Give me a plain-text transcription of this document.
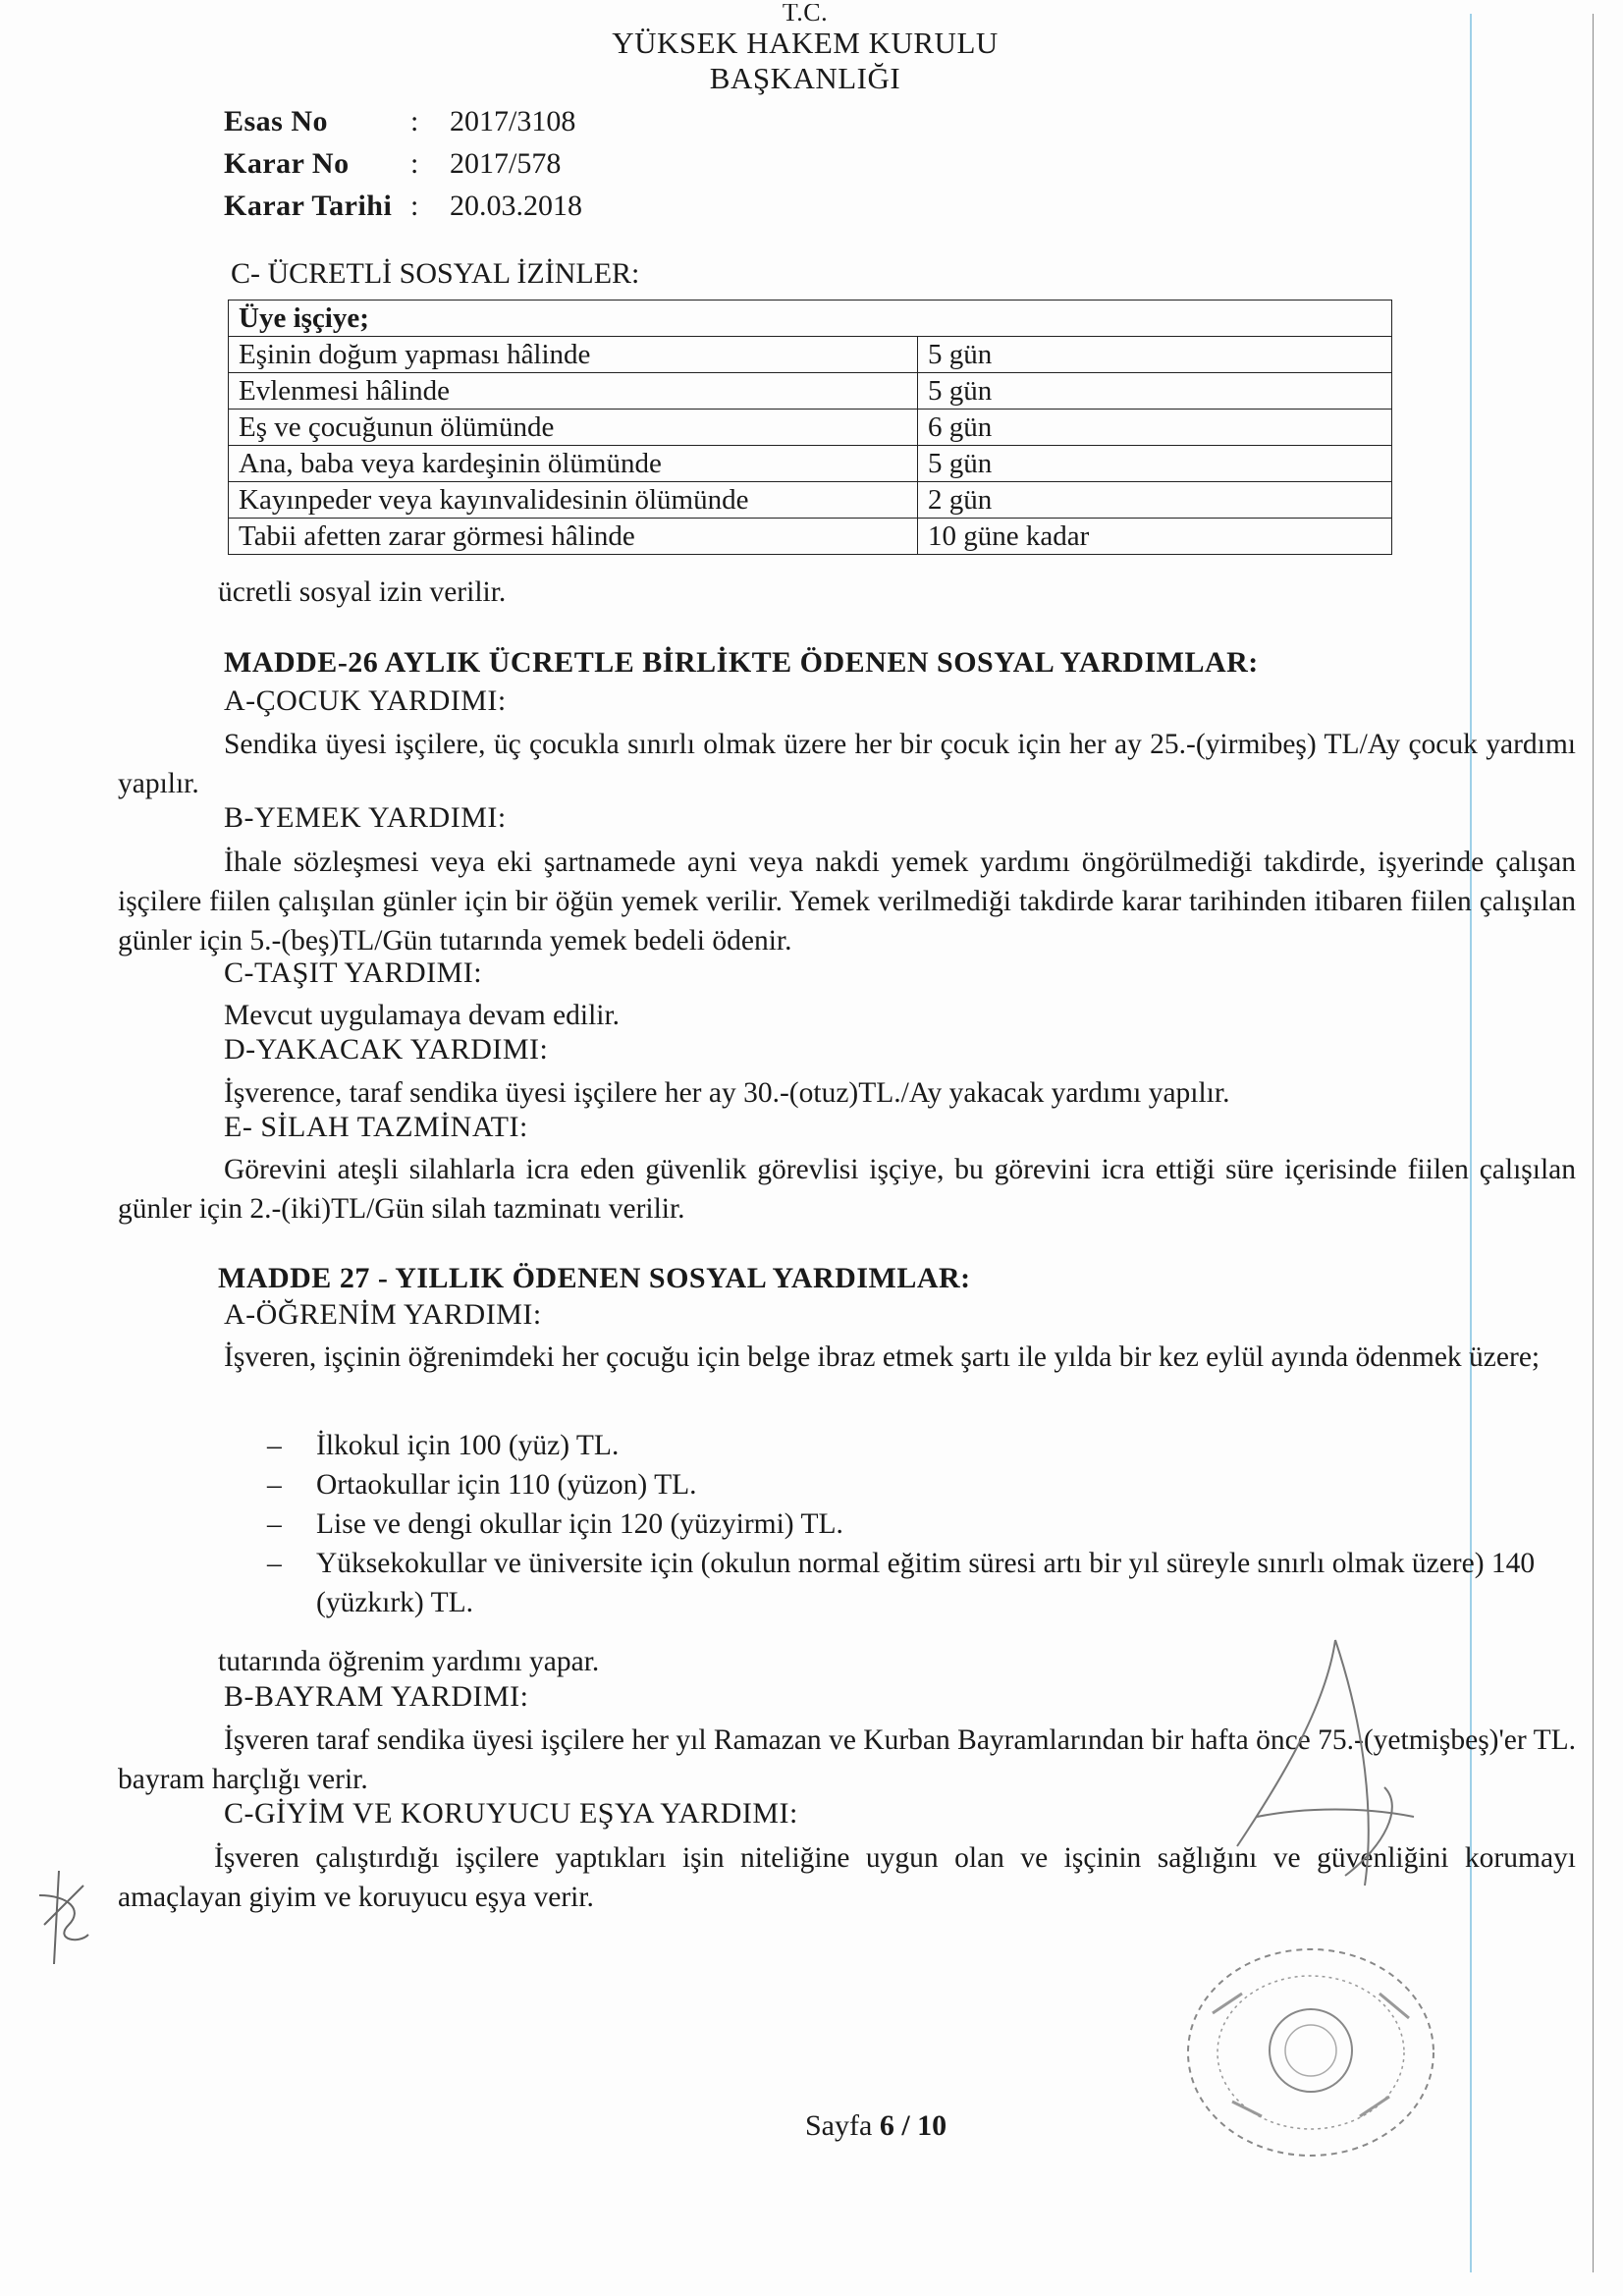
T.C.
YÜKSEK HAKEM KURULU
BAŞKANLIĞI
Esas No	:	2017/3108
Karar No	:	2017/578
Karar Tarihi :	20.03.2018
C- ÜCRETLİ SOSYAL İZİNLER:
Üye işçiye;	
Eşinin doğum yapması hâlinde	5 gün
Evlenmesi hâlinde	5 gün
Eş ve çocuğunun ölümünde	6 gün
Ana, baba veya kardeşinin ölümünde	5 gün
Kayınpeder veya kayınvalidesinin ölümünde	2 gün
Tabii afetten zarar görmesi hâlinde	10 güne kadar
ücretli sosyal izin verilir.
MADDE-26 AYLIK ÜCRETLE BİRLİKTE ÖDENEN SOSYAL YARDIMLAR:
A-ÇOCUK YARDIMI:
Sendika üyesi işçilere, üç çocukla sınırlı olmak üzere her bir çocuk için her ay 25.-(yirmibeş) TL/Ay çocuk yardımı yapılır.
B-YEMEK YARDIMI:
İhale sözleşmesi veya eki şartnamede ayni veya nakdi yemek yardımı öngörülmediği takdirde, işyerinde çalışan işçilere fiilen çalışılan günler için bir öğün yemek verilir. Yemek verilmediği takdirde karar tarihinden itibaren fiilen çalışılan günler için 5.-(beş)TL/Gün tutarında yemek bedeli ödenir.
C-TAŞIT YARDIMI:
Mevcut uygulamaya devam edilir.
D-YAKACAK YARDIMI:
İşverence, taraf sendika üyesi işçilere her ay 30.-(otuz)TL./Ay yakacak yardımı yapılır.
E- SİLAH TAZMİNATI:
Görevini ateşli silahlarla icra eden güvenlik görevlisi işçiye, bu görevini icra ettiği süre içerisinde fiilen çalışılan günler için 2.-(iki)TL/Gün silah tazminatı verilir.
MADDE 27 - YILLIK ÖDENEN SOSYAL YARDIMLAR:
A-ÖĞRENİM YARDIMI:
İşveren, işçinin öğrenimdeki her çocuğu için belge ibraz etmek şartı ile yılda bir kez eylül ayında ödenmek üzere;
– İlkokul için 100 (yüz) TL.
– Ortaokullar için 110 (yüzon) TL.
– Lise ve dengi okullar için 120 (yüzyirmi) TL.
– Yüksekokullar ve üniversite için (okulun normal eğitim süresi artı bir yıl süreyle sınırlı olmak üzere) 140 (yüzkırk) TL.
tutarında öğrenim yardımı yapar.
B-BAYRAM YARDIMI:
İşveren taraf sendika üyesi işçilere her yıl Ramazan ve Kurban Bayramlarından bir hafta önce 75.-(yetmişbeş)'er TL. bayram harçlığı verir.
C-GİYİM VE KORUYUCU EŞYA YARDIMI:
İşveren çalıştırdığı işçilere yaptıkları işin niteliğine uygun olan ve işçinin sağlığını ve güvenliğini korumayı amaçlayan giyim ve koruyucu eşya verir.
Sayfa 6 / 10
